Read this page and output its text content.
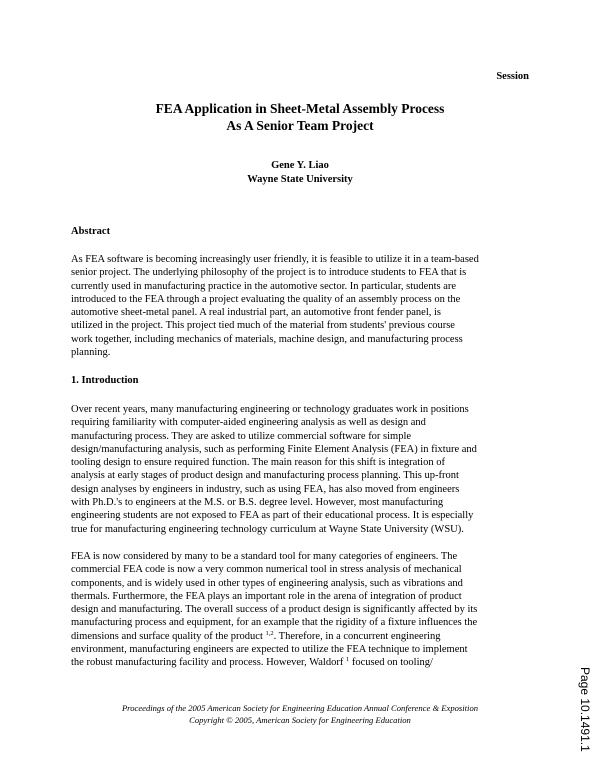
Session
FEA Application in Sheet-Metal Assembly Process
As A Senior Team Project
Gene Y. Liao
Wayne State University
Abstract
As FEA software is becoming increasingly user friendly, it is feasible to utilize it in a team-based
senior project. The underlying philosophy of the project is to introduce students to FEA that is
currently used in manufacturing practice in the automotive sector. In particular, students are
introduced to the FEA through a project evaluating the quality of an assembly process on the
automotive sheet-metal panel. A real industrial part, an automotive front fender panel, is
utilized in the project. This project tied much of the material from students' previous course
work together, including mechanics of materials, machine design, and manufacturing process
planning.
1. Introduction
Over recent years, many manufacturing engineering or technology graduates work in positions
requiring familiarity with computer-aided engineering analysis as well as design and
manufacturing process. They are asked to utilize commercial software for simple
design/manufacturing analysis, such as performing Finite Element Analysis (FEA) in fixture and
tooling design to ensure required function. The main reason for this shift is integration of
analysis at early stages of product design and manufacturing process planning. This up-front
design analyses by engineers in industry, such as using FEA, has also moved from engineers
with Ph.D.'s to engineers at the M.S. or B.S. degree level. However, most manufacturing
engineering students are not exposed to FEA as part of their educational process. It is especially
true for manufacturing engineering technology curriculum at Wayne State University (WSU).
FEA is now considered by many to be a standard tool for many categories of engineers. The
commercial FEA code is now a very common numerical tool in stress analysis of mechanical
components, and is widely used in other types of engineering analysis, such as vibrations and
thermals. Furthermore, the FEA plays an important role in the arena of integration of product
design and manufacturing. The overall success of a product design is significantly affected by its
manufacturing process and equipment, for an example that the rigidity of a fixture influences the
dimensions and surface quality of the product $^{1,2}$. Therefore, in a concurrent engineering
environment, manufacturing engineers are expected to utilize the FEA technique to implement
the robust manufacturing facility and process. However, Waldorf $^1$ focused on tooling/
Proceedings of the 2005 American Society for Engineering Education Annual Conference & Exposition
Copyright © 2005, American Society for Engineering Education	Page 10.1491.1
